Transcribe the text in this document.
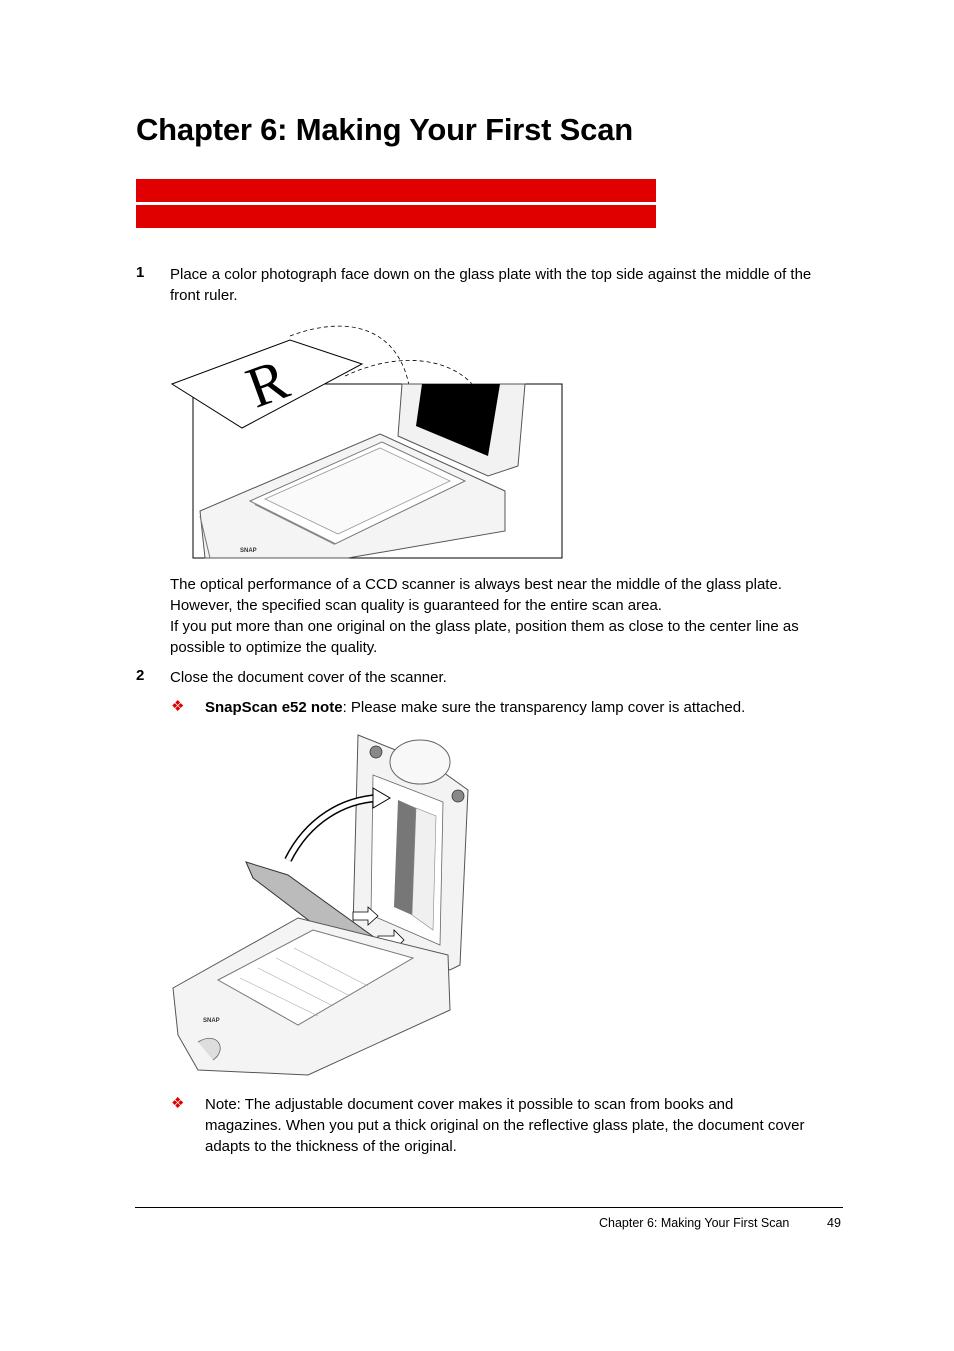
Chapter 6: Making Your First Scan
1 Place a color photograph face down on the glass plate with the top side against the middle of the front ruler.
SNAP
R
The optical performance of a CCD scanner is always best near the middle of the glass plate. However, the specified scan quality is guaranteed for the entire scan area.
If you put more than one original on the glass plate, position them as close to the center line as possible to optimize the quality.
2 Close the document cover of the scanner.
❖ SnapScan e52 note: Please make sure the transparency lamp cover is attached.
SNAP
❖ Note: The adjustable document cover makes it possible to scan from books and magazines. When you put a thick original on the reflective glass plate, the document cover adapts to the thickness of the original.
Chapter 6: Making Your First Scan	49
